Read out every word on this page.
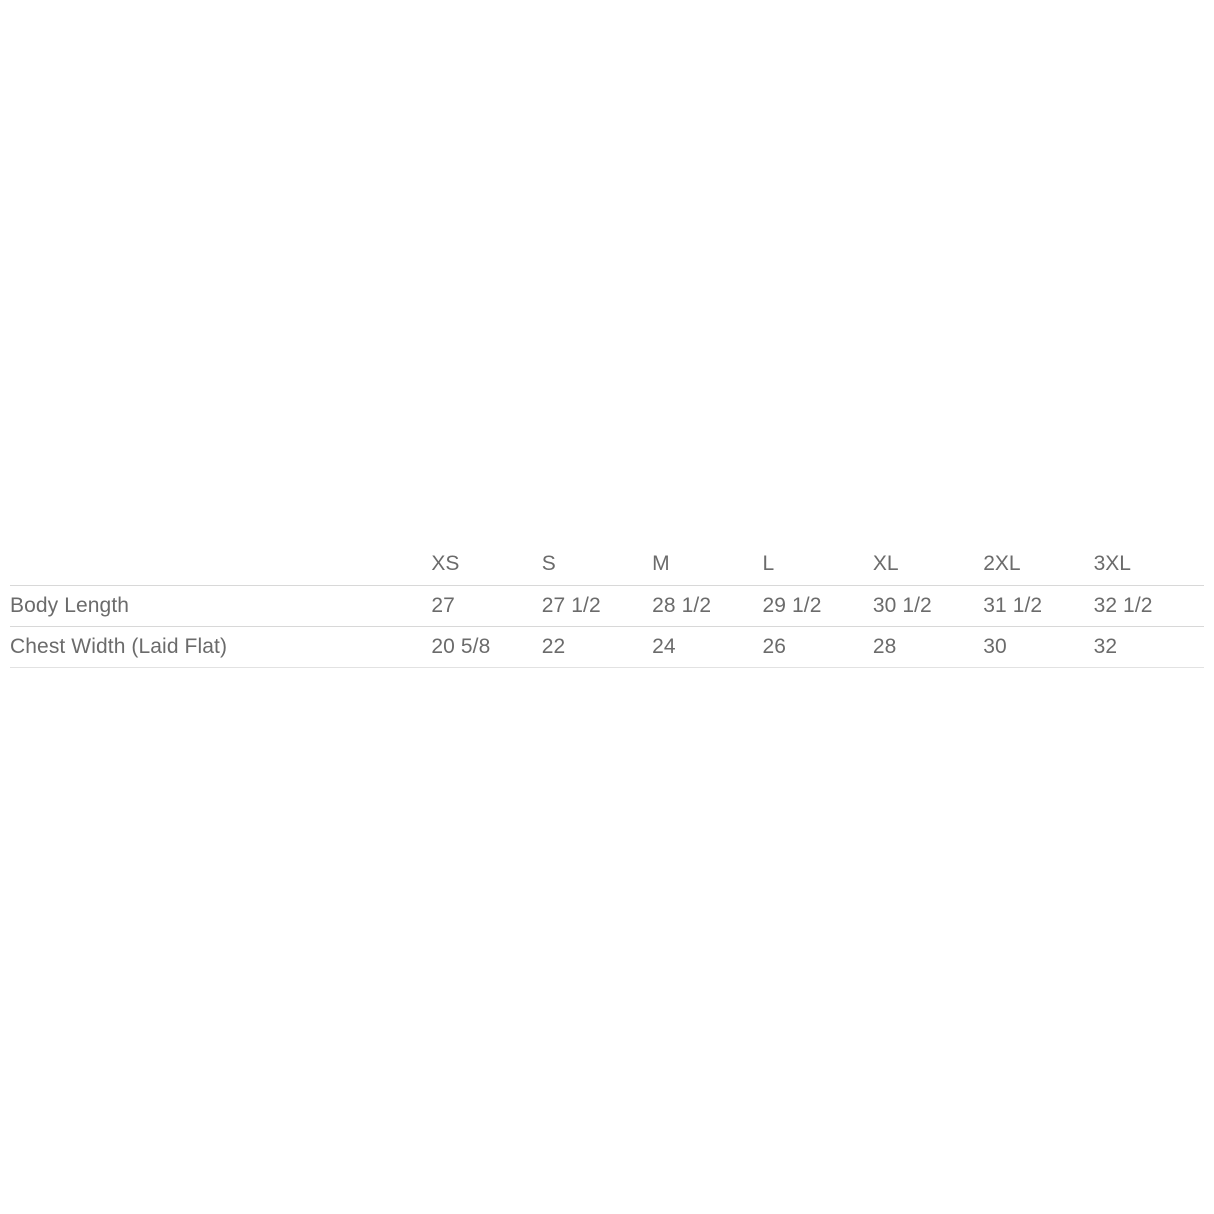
	XS	S	M	L	XL	2XL	3XL
Body Length	27	27 1/2	28 1/2	29 1/2	30 1/2	31 1/2	32 1/2
Chest Width (Laid Flat)	20 5/8	22	24	26	28	30	32
